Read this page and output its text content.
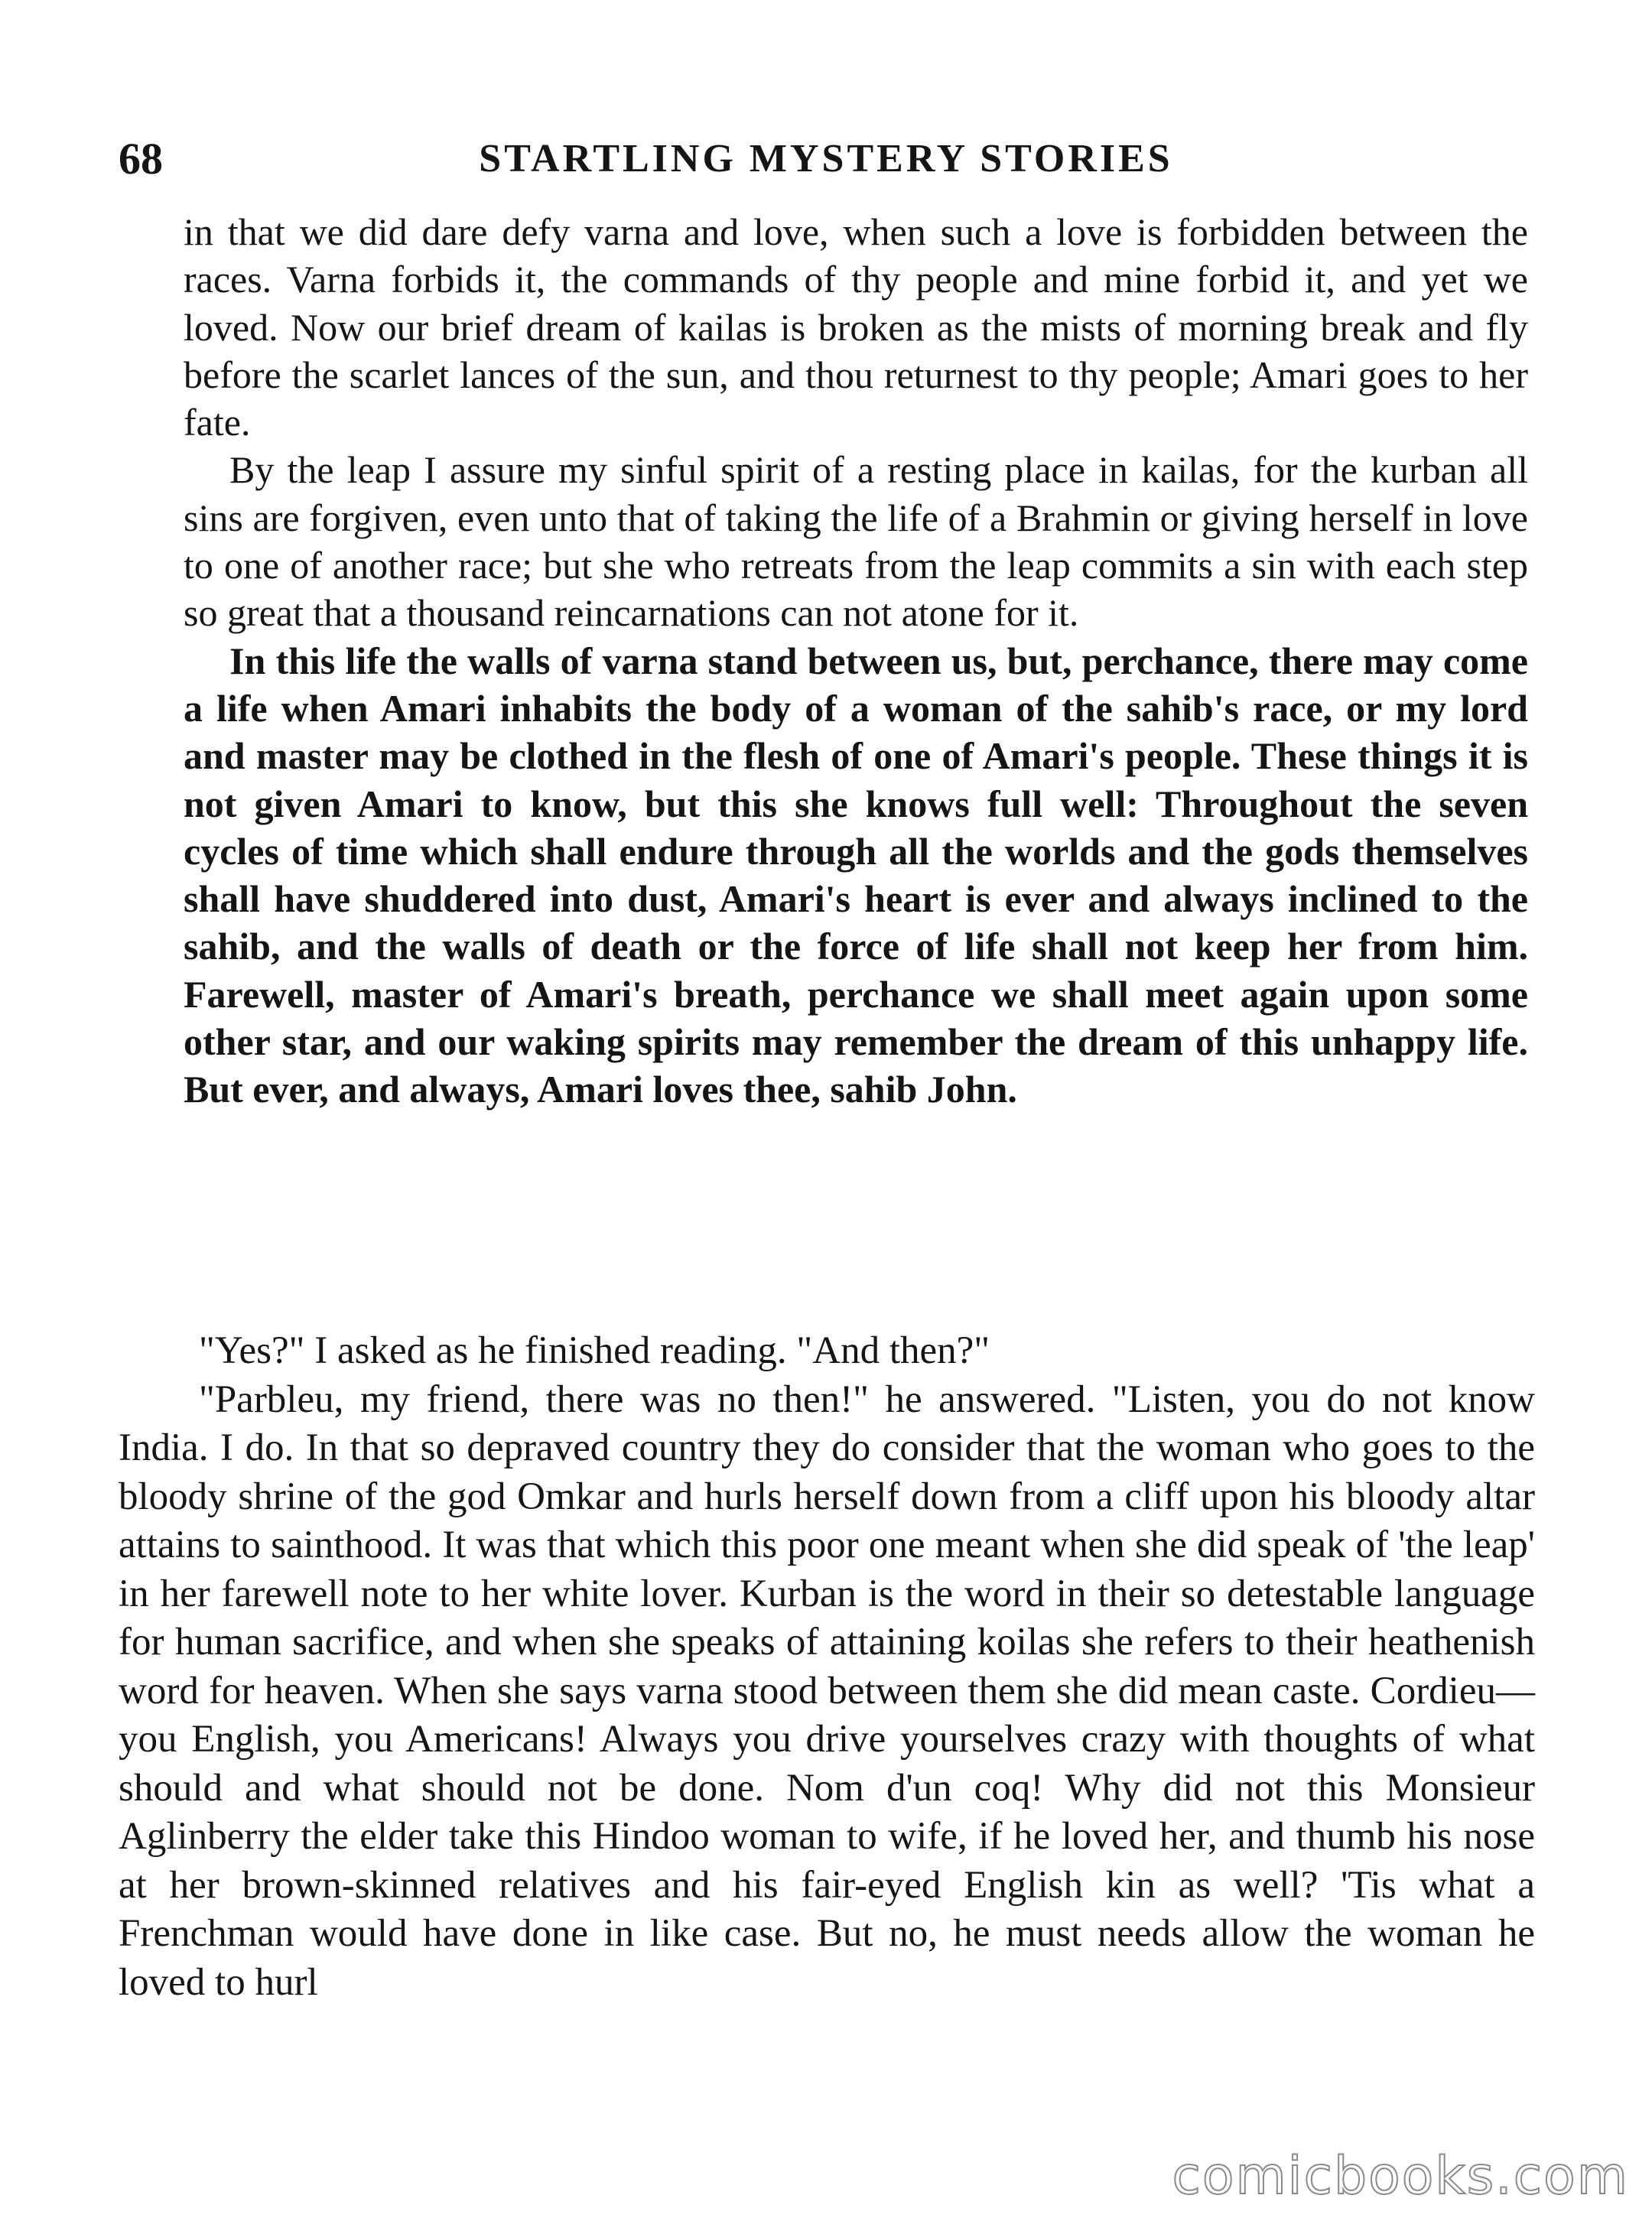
68	STARTLING MYSTERY STORIES

in that we did dare defy varna and love, when such a love is forbidden between the races. Varna forbids it, the commands of thy people and mine forbid it, and yet we loved. Now our brief dream of kailas is broken as the mists of morning break and fly before the scarlet lances of the sun, and thou returnest to thy people; Amari goes to her fate.

By the leap I assure my sinful spirit of a resting place in kailas, for the kurban all sins are forgiven, even unto that of taking the life of a Brahmin or giving herself in love to one of another race; but she who retreats from the leap commits a sin with each step so great that a thousand reincarnations can not atone for it.

In this life the walls of varna stand between us, but, perchance, there may come a life when Amari inhabits the body of a woman of the sahib's race, or my lord and master may be clothed in the flesh of one of Amari's people. These things it is not given Amari to know, but this she knows full well: Throughout the seven cycles of time which shall endure through all the worlds and the gods themselves shall have shuddered into dust, Amari's heart is ever and always inclined to the sahib, and the walls of death or the force of life shall not keep her from him. Farewell, master of Amari's breath, perchance we shall meet again upon some other star, and our waking spirits may remember the dream of this unhappy life. But ever, and always, Amari loves thee, sahib John.

"Yes?" I asked as he finished reading. "And then?"

"Parbleu, my friend, there was no then!" he answered. "Listen, you do not know India. I do. In that so depraved country they do consider that the woman who goes to the bloody shrine of the god Omkar and hurls herself down from a cliff upon his bloody altar attains to sainthood. It was that which this poor one meant when she did speak of 'the leap' in her farewell note to her white lover. Kurban is the word in their so detestable language for human sacrifice, and when she speaks of attaining koilas she refers to their heathenish word for heaven. When she says varna stood between them she did mean caste. Cordieu—you English, you Americans! Always you drive yourselves crazy with thoughts of what should and what should not be done. Nom d'un coq! Why did not this Monsieur Aglinberry the elder take this Hindoo woman to wife, if he loved her, and thumb his nose at her brown-skinned relatives and his fair-eyed English kin as well? 'Tis what a Frenchman would have done in like case. But no, he must needs allow the woman he loved to hurl

comicbooks.com
